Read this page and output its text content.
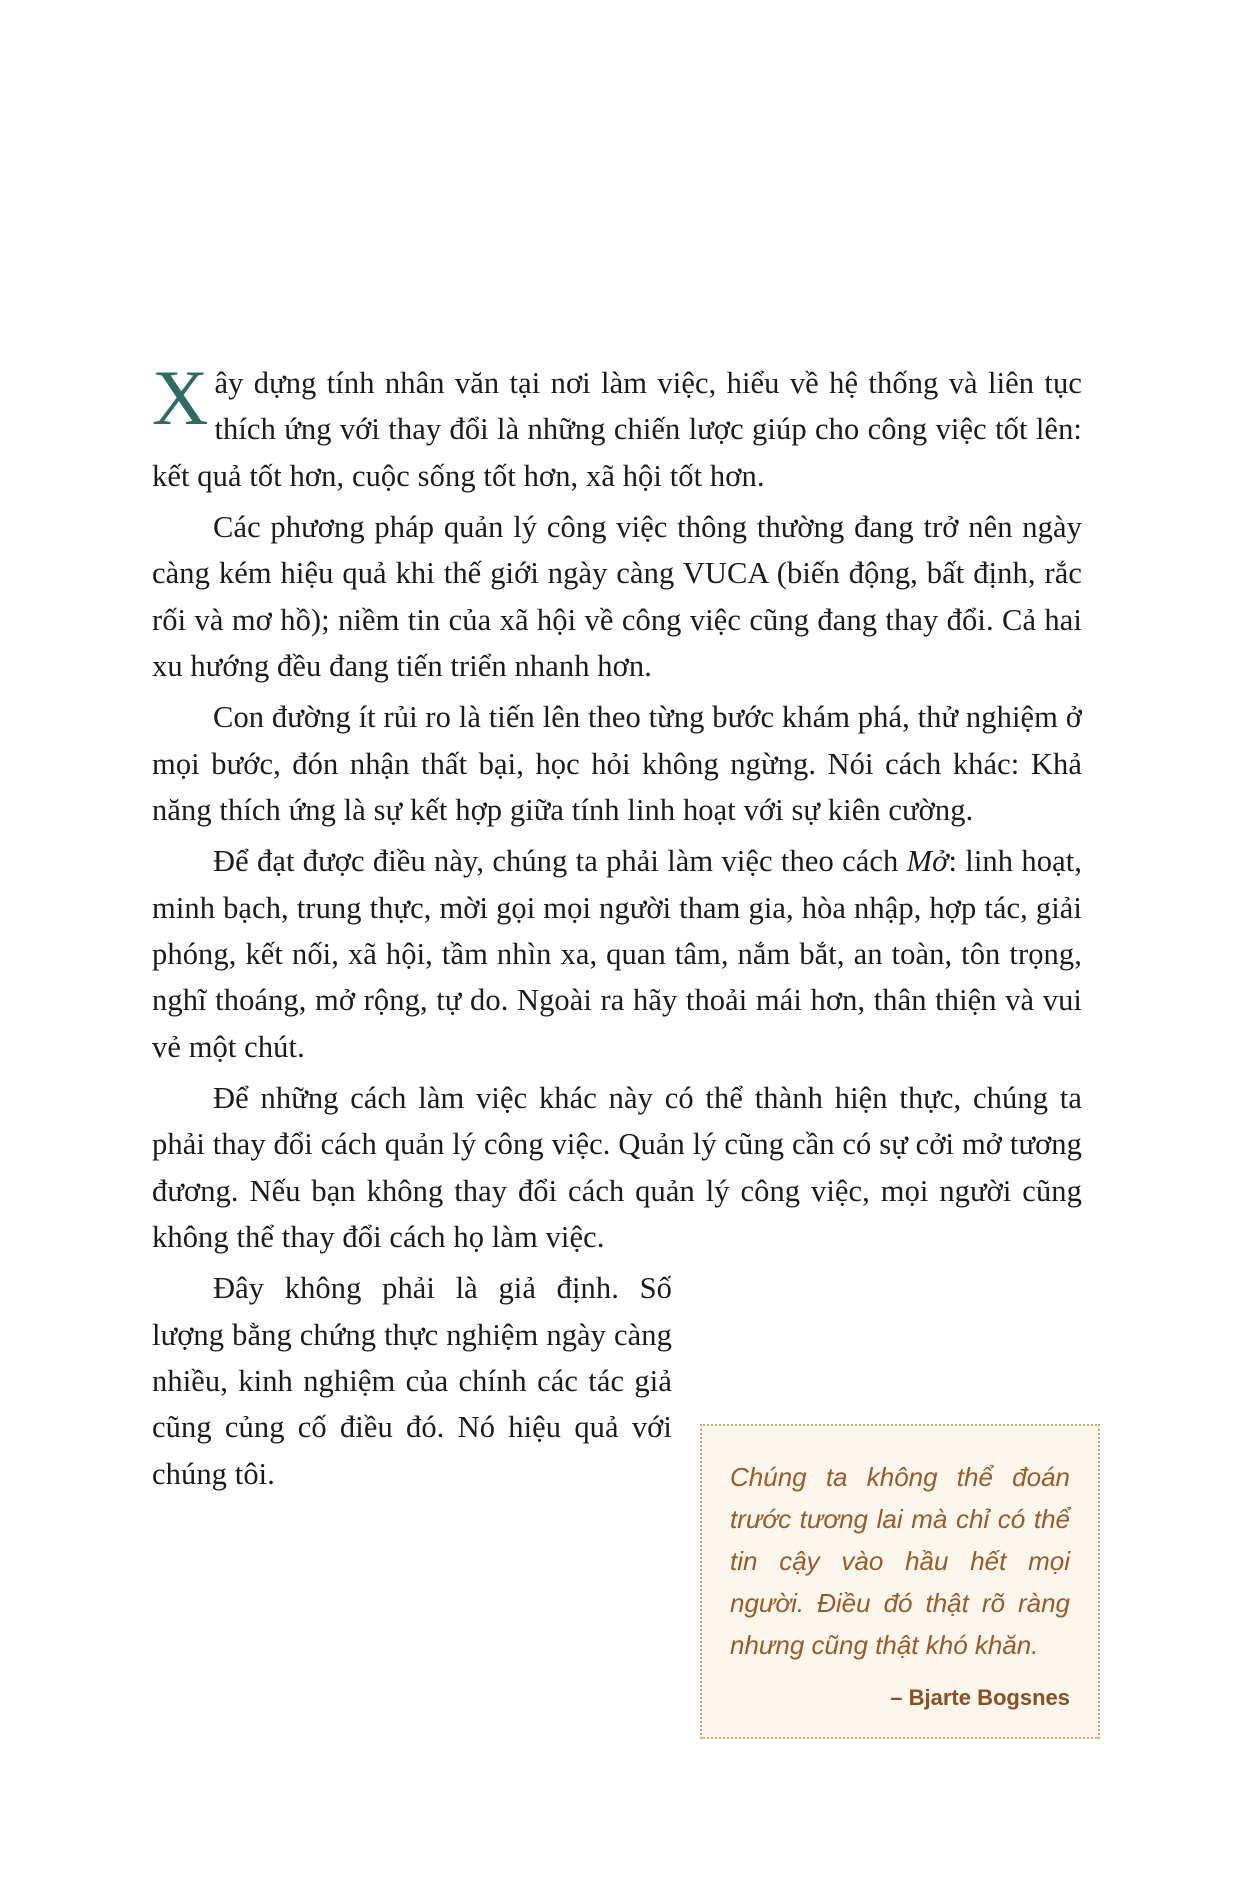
Xây dựng tính nhân văn tại nơi làm việc, hiểu về hệ thống và liên tục thích ứng với thay đổi là những chiến lược giúp cho công việc tốt lên: kết quả tốt hơn, cuộc sống tốt hơn, xã hội tốt hơn.

Các phương pháp quản lý công việc thông thường đang trở nên ngày càng kém hiệu quả khi thế giới ngày càng VUCA (biến động, bất định, rắc rối và mơ hồ); niềm tin của xã hội về công việc cũng đang thay đổi. Cả hai xu hướng đều đang tiến triển nhanh hơn.

Con đường ít rủi ro là tiến lên theo từng bước khám phá, thử nghiệm ở mọi bước, đón nhận thất bại, học hỏi không ngừng. Nói cách khác: Khả năng thích ứng là sự kết hợp giữa tính linh hoạt với sự kiên cường.

Để đạt được điều này, chúng ta phải làm việc theo cách Mở: linh hoạt, minh bạch, trung thực, mời gọi mọi người tham gia, hòa nhập, hợp tác, giải phóng, kết nối, xã hội, tầm nhìn xa, quan tâm, nắm bắt, an toàn, tôn trọng, nghĩ thoáng, mở rộng, tự do. Ngoài ra hãy thoải mái hơn, thân thiện và vui vẻ một chút.

Để những cách làm việc khác này có thể thành hiện thực, chúng ta phải thay đổi cách quản lý công việc. Quản lý cũng cần có sự cởi mở tương đương. Nếu bạn không thay đổi cách quản lý công việc, mọi người cũng không thể thay đổi cách họ làm việc.

Đây không phải là giả định. Số lượng bằng chứng thực nghiệm ngày càng nhiều, kinh nghiệm của chính các tác giả cũng củng cố điều đó. Nó hiệu quả với chúng tôi.	Chúng ta không thể đoán trước tương lai mà chỉ có thể tin cậy vào hầu hết mọi người. Điều đó thật rõ ràng nhưng cũng thật khó khăn.

– Bjarte Bogsnes
